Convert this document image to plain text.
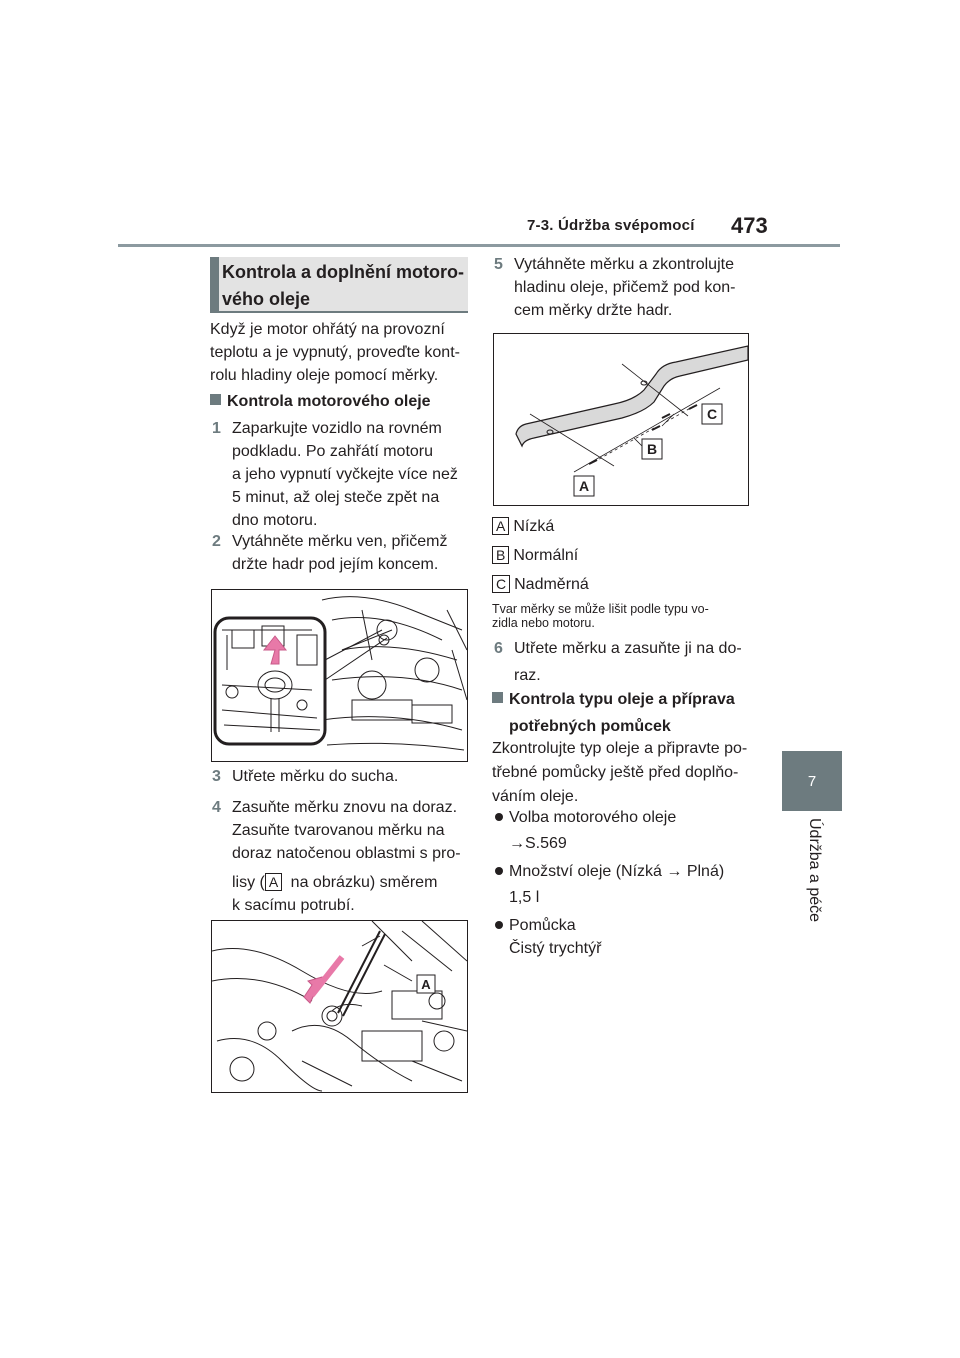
7-3. Údržba svépomocí 473
7
Údržba a péče
Kontrola a doplnění motoro-
vého oleje
Když je motor ohřátý na provozní
teplotu a je vypnutý, proveďte kont-
rolu hladiny oleje pomocí měrky.
Kontrola motorového oleje
1 Zaparkujte vozidlo na rovném
podkladu. Po zahřátí motoru
a jeho vypnutí vyčkejte více než
5 minut, až olej steče zpět na
dno motoru.
2 Vytáhněte měrku ven, přičemž
držte hadr pod jejím koncem.
3 Utřete měrku do sucha.
4 Zasuňte měrku znovu na doraz.
Zasuňte tvarovanou měrku na
doraz natočenou oblastmi s pro-
lisy ( A na obrázku) směrem
k sacímu potrubí.
A
5 Vytáhněte měrku a zkontrolujte
hladinu oleje, přičemž pod kon-
cem měrky držte hadr.
C
B
A
A Nízká
B Normální
C Nadměrná
Tvar měrky se může lišit podle typu vo-
zidla nebo motoru.
6 Utřete měrku a zasuňte ji na do-
raz.
Kontrola typu oleje a příprava
potřebných pomůcek
Zkontrolujte typ oleje a připravte po-
třebné pomůcky ještě před doplňo-
váním oleje.
Volba motorového oleje
→S.569
Množství oleje (Nízká → Plná)
1,5 l
Pomůcka
Čistý trychtýř
